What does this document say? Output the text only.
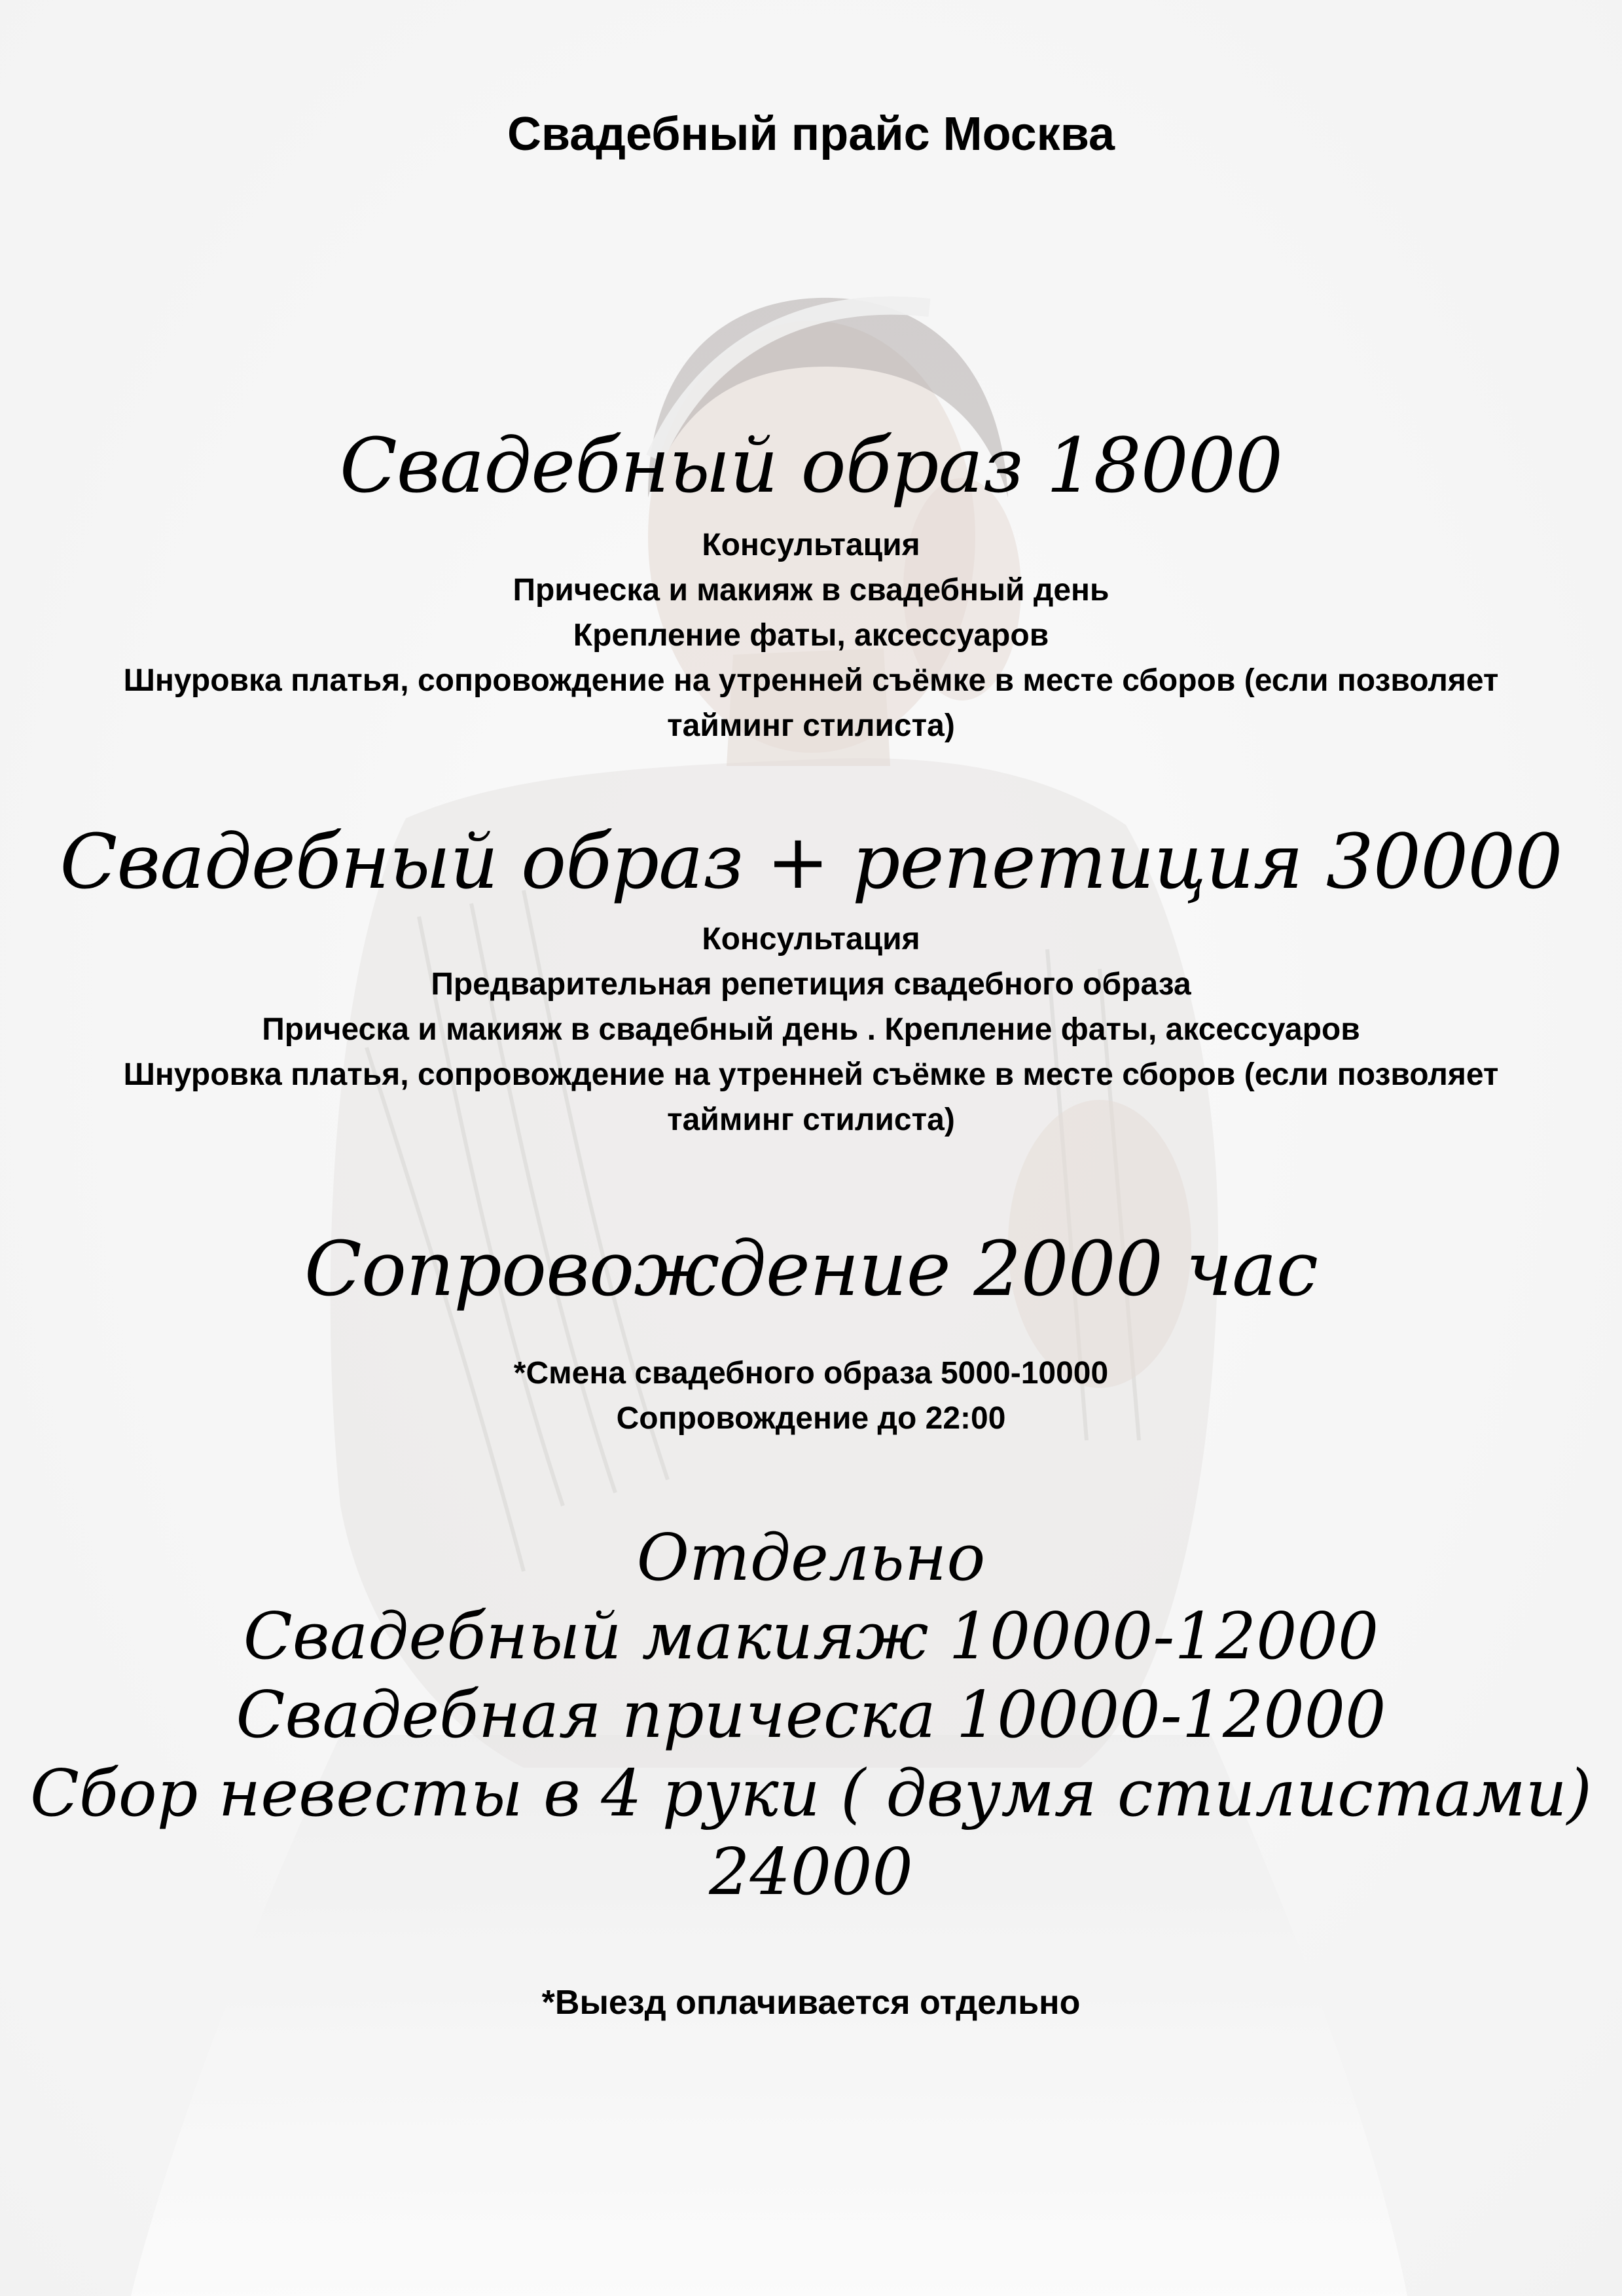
Свадебный прайс Москва
Свадебный образ 18000
Консультация
Прическа и макияж в свадебный день
Крепление фаты, аксессуаров
Шнуровка платья, сопровождение на утренней съёмке в месте сборов (если позволяет
тайминг стилиста)
Свадебный образ + репетиция 30000
Консультация
Предварительная репетиция свадебного образа
Прическа и макияж в свадебный день . Крепление фаты, аксессуаров
Шнуровка платья, сопровождение на утренней съёмке в месте сборов (если позволяет
тайминг стилиста)
Сопровождение 2000 час
*Смена свадебного образа 5000-10000
Сопровождение до 22:00
Отдельно
Свадебный макияж 10000-12000
Свадебная прическа 10000-12000
Сбор невесты в 4 руки ( двумя стилистами)
24000
*Выезд оплачивается отдельно
